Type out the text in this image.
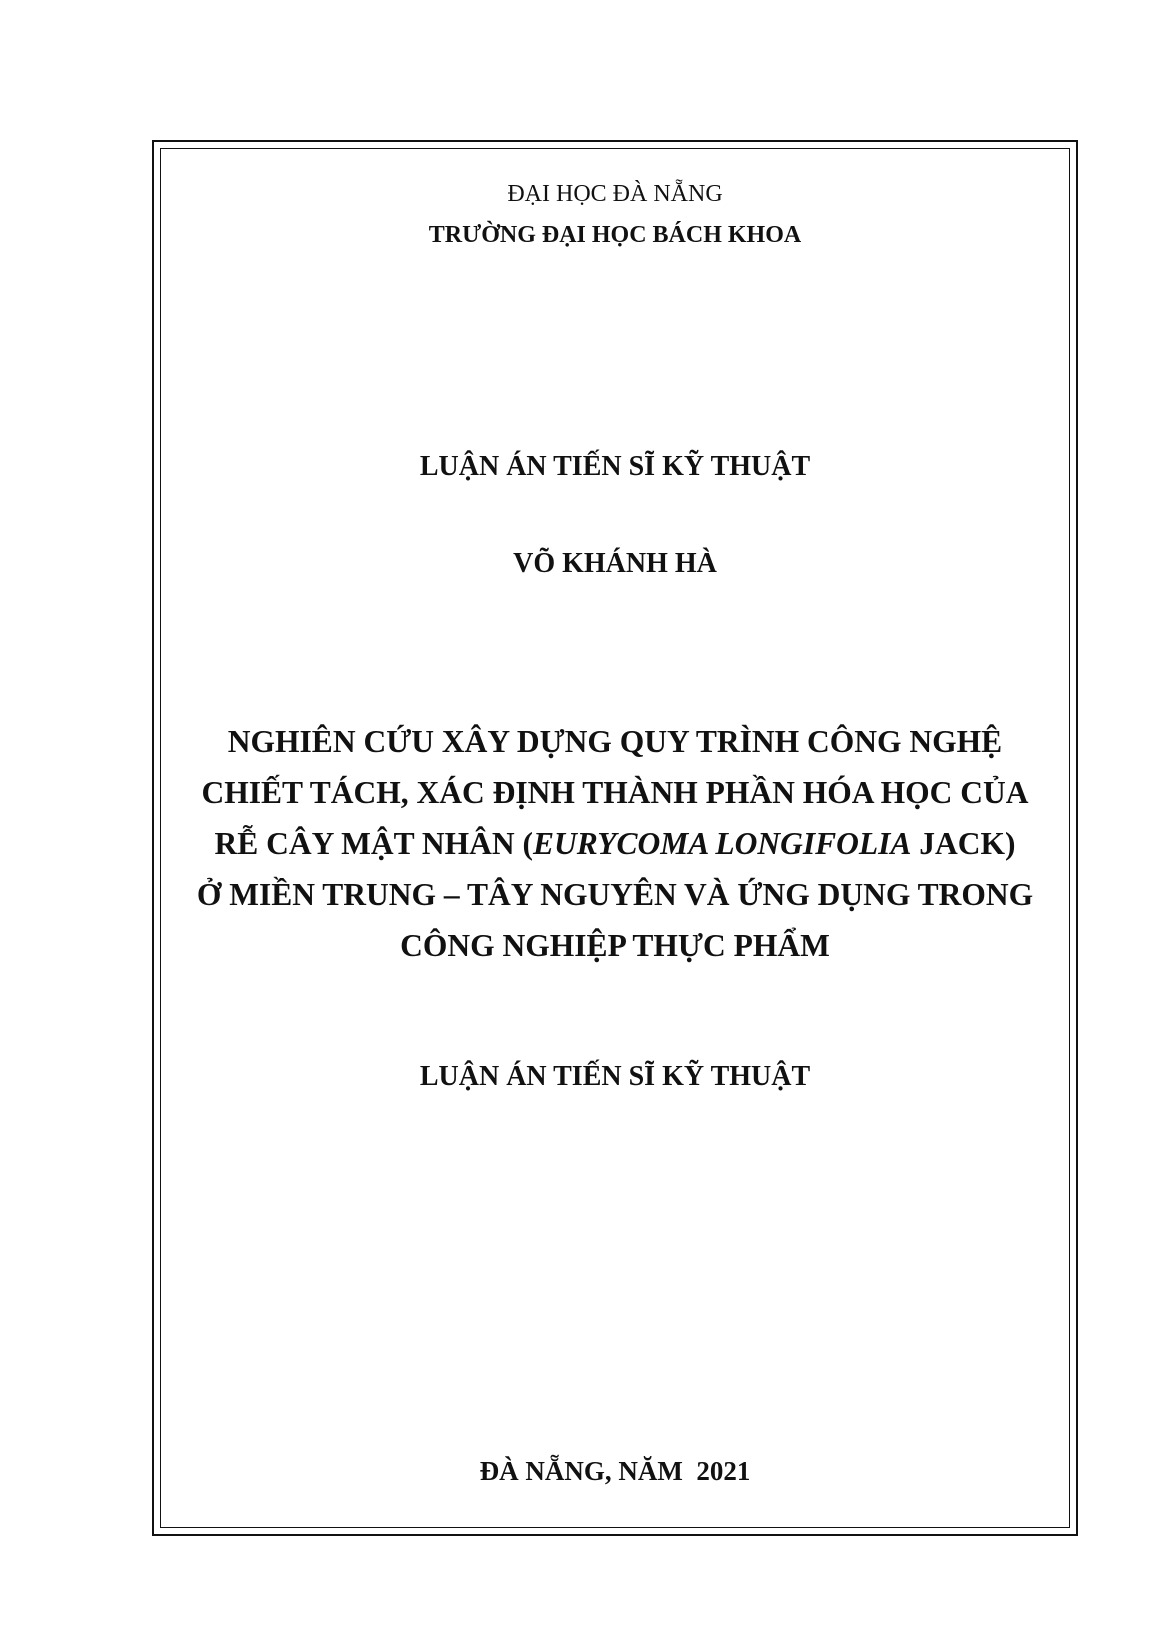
ĐẠI HỌC ĐÀ NẴNG

TRƯỜNG ĐẠI HỌC BÁCH KHOA

LUẬN ÁN TIẾN SĨ KỸ THUẬT

VÕ KHÁNH HÀ

NGHIÊN CỨU XÂY DỰNG QUY TRÌNH CÔNG NGHỆ
CHIẾT TÁCH, XÁC ĐỊNH THÀNH PHẦN HÓA HỌC CỦA
RỄ CÂY MẬT NHÂN (EURYCOMA LONGIFOLIA JACK)
Ở MIỀN TRUNG – TÂY NGUYÊN VÀ ỨNG DỤNG TRONG
CÔNG NGHIỆP THỰC PHẨM

LUẬN ÁN TIẾN SĨ KỸ THUẬT

ĐÀ NẴNG, NĂM  2021
